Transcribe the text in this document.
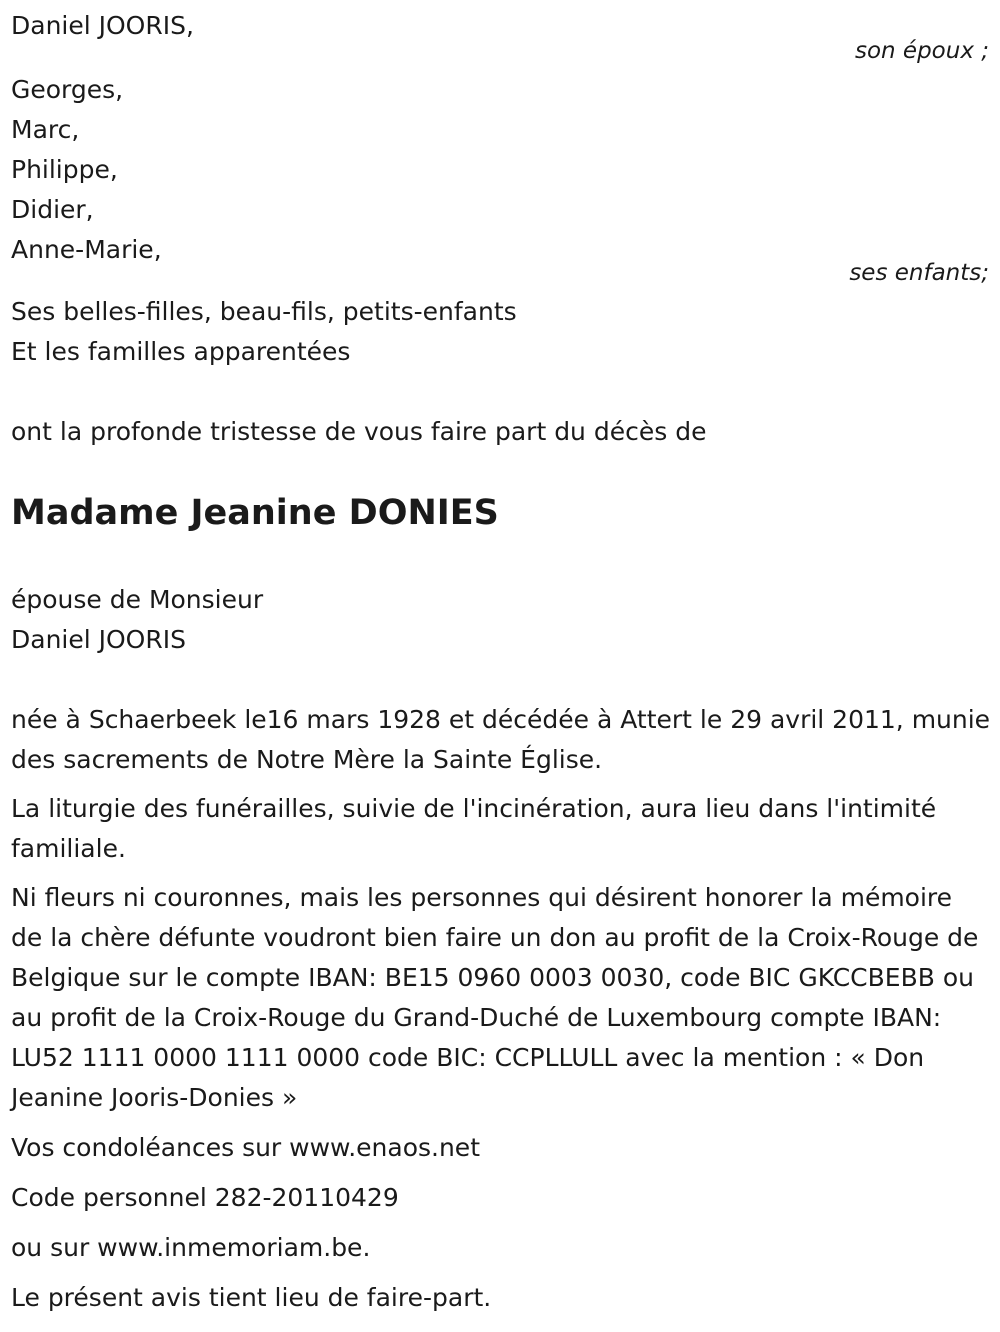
Daniel JOORIS,
son époux ;
Georges,
Marc,
Philippe,
Didier,
Anne-Marie,
ses enfants;
Ses belles-filles, beau-fils, petits-enfants
Et les familles apparentées
ont la profonde tristesse de vous faire part du décès de
Madame Jeanine DONIES
épouse de Monsieur
Daniel JOORIS
née à Schaerbeek le16 mars 1928 et décédée à Attert le 29 avril 2011, munie des sacrements de Notre Mère la Sainte Église.
La liturgie des funérailles, suivie de l'incinération, aura lieu dans l'intimité familiale.
Ni fleurs ni couronnes, mais les personnes qui désirent honorer la mémoire de la chère défunte voudront bien faire un don au profit de la Croix-Rouge de Belgique sur le compte IBAN: BE15 0960 0003 0030, code BIC GKCCBEBB ou au profit de la Croix-Rouge du Grand-Duché de Luxembourg compte IBAN: LU52 1111 0000 1111 0000 code BIC: CCPLLULL avec la mention : « Don Jeanine Jooris-Donies »
Vos condoléances sur www.enaos.net
Code personnel 282-20110429
ou sur www.inmemoriam.be.
Le présent avis tient lieu de faire-part.
